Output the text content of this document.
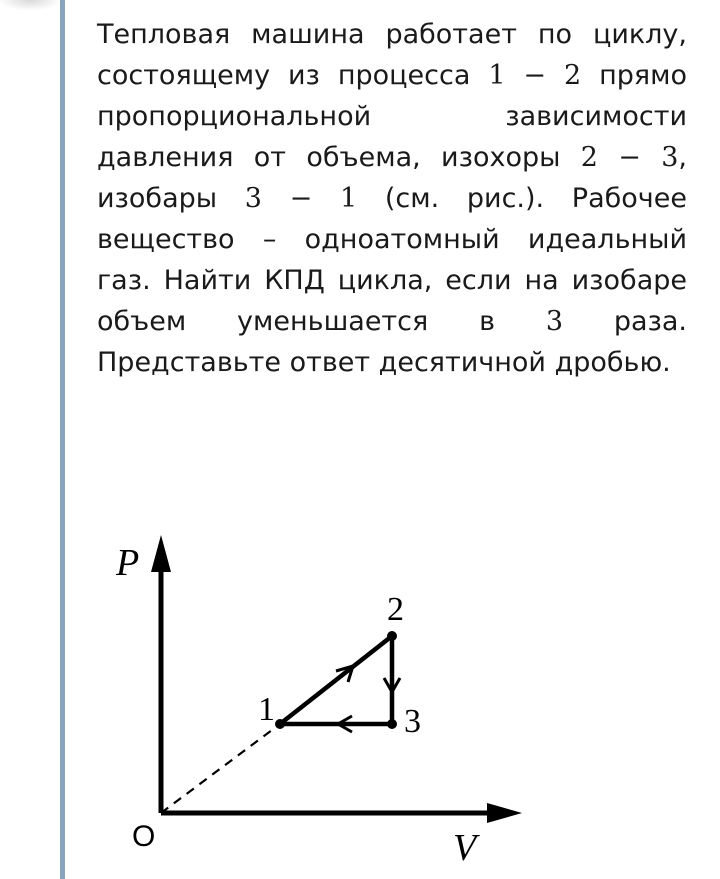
Тепловая машина работает по циклу, состоящему из процесса 1 − 2 прямо пропорциональной зависимости давления от объема, изохоры 2 − 3, изобары 3 − 1 (см. рис.). Рабочее вещество – одноатомный идеальный газ. Найти КПД цикла, если на изобаре объем уменьшается в 3 раза. Представьте ответ десятичной дробью.

P
V
O
1
2
3
